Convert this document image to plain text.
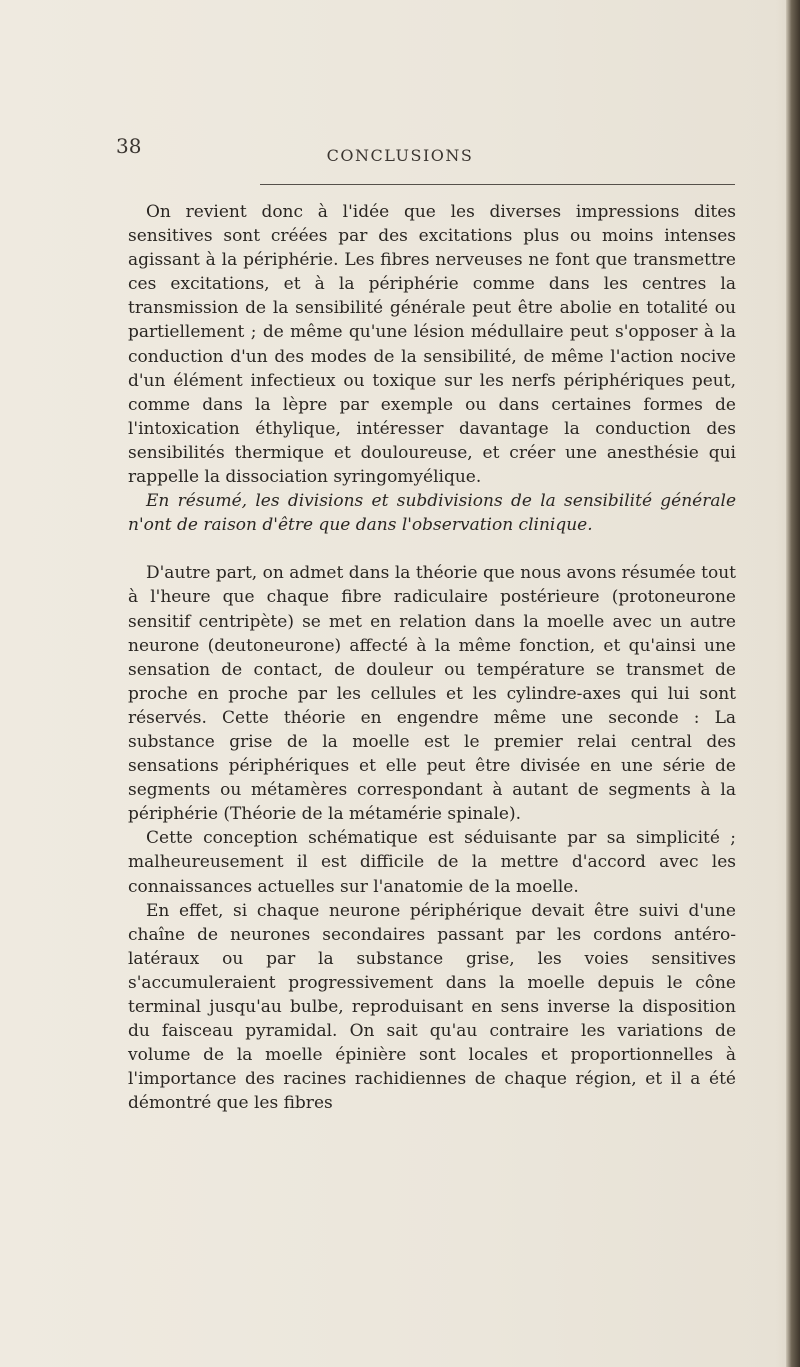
38	CONCLUSIONS

On revient donc à l'idée que les diverses impressions dites sensitives sont créées par des excitations plus ou moins intenses agissant à la périphérie. Les fibres nerveuses ne font que transmettre ces excitations, et à la périphérie comme dans les centres la transmission de la sensibilité générale peut être abolie en totalité ou partiellement ; de même qu'une lésion médullaire peut s'opposer à la conduction d'un des modes de la sensibilité, de même l'action nocive d'un élément infectieux ou toxique sur les nerfs périphériques peut, comme dans la lèpre par exemple ou dans certaines formes de l'intoxication éthylique, intéresser davantage la conduction des sensibilités thermique et douloureuse, et créer une anesthésie qui rappelle la dissociation syringomyélique.

En résumé, les divisions et subdivisions de la sensibilité générale n'ont de raison d'être que dans l'observation clinique.

D'autre part, on admet dans la théorie que nous avons résumée tout à l'heure que chaque fibre radiculaire postérieure (protoneurone sensitif centripète) se met en relation dans la moelle avec un autre neurone (deutoneurone) affecté à la même fonction, et qu'ainsi une sensation de contact, de douleur ou température se transmet de proche en proche par les cellules et les cylindre-axes qui lui sont réservés. Cette théorie en engendre même une seconde : La substance grise de la moelle est le premier relai central des sensations périphériques et elle peut être divisée en une série de segments ou métamères correspondant à autant de segments à la périphérie (Théorie de la métamérie spinale).

Cette conception schématique est séduisante par sa simplicité ; malheureusement il est difficile de la mettre d'accord avec les connaissances actuelles sur l'anatomie de la moelle.

En effet, si chaque neurone périphérique devait être suivi d'une chaîne de neurones secondaires passant par les cordons antéro-latéraux ou par la substance grise, les voies sensitives s'accumuleraient progressivement dans la moelle depuis le cône terminal jusqu'au bulbe, reproduisant en sens inverse la disposition du faisceau pyramidal. On sait qu'au contraire les variations de volume de la moelle épinière sont locales et proportionnelles à l'importance des racines rachidiennes de chaque région, et il a été démontré que les fibres
